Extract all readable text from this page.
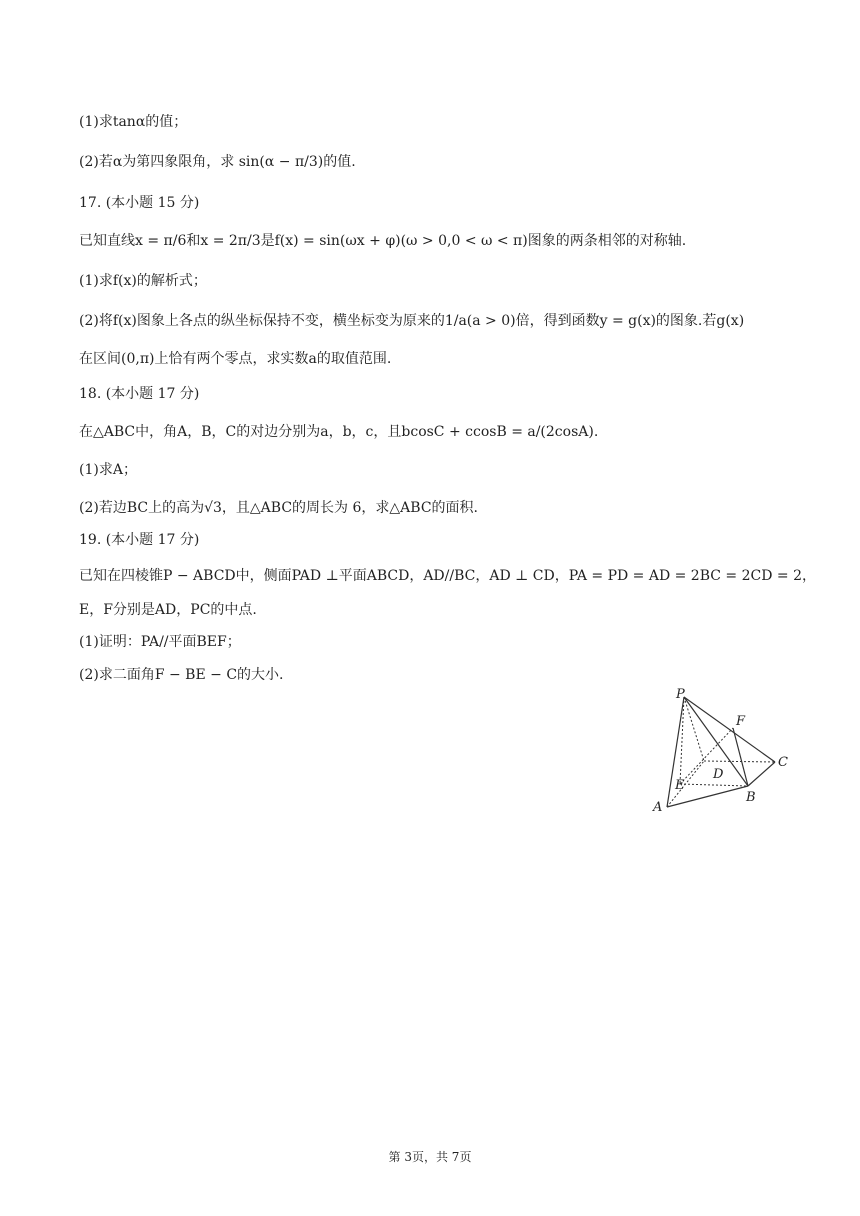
(1)求tanα的值；
(2)若α为第四象限角，求 sin(α − π/3)的值.
17. (本小题 15 分)
已知直线x = π/6和x = 2π/3是f(x) = sin(ωx + φ)(ω > 0,0 < ω < π)图象的两条相邻的对称轴.
(1)求f(x)的解析式；
(2)将f(x)图象上各点的纵坐标保持不变，横坐标变为原来的1/a(a > 0)倍，得到函数y = g(x)的图象.若g(x)
在区间(0,π)上恰有两个零点，求实数a的取值范围.
18. (本小题 17 分)
在△ABC中，角A，B，C的对边分别为a，b，c，且bcosC + ccosB = a/(2cosA).
(1)求A；
(2)若边BC上的高为√3，且△ABC的周长为 6，求△ABC的面积.
19. (本小题 17 分)
已知在四棱锥P − ABCD中，侧面PAD ⊥平面ABCD，AD//BC，AD ⊥ CD，PA = PD = AD = 2BC = 2CD = 2，
E，F分别是AD，PC的中点.
(1)证明：PA//平面BEF；
(2)求二面角F − BE − C的大小.
P
F
C
D
E
A
B
第 3页，共 7页
